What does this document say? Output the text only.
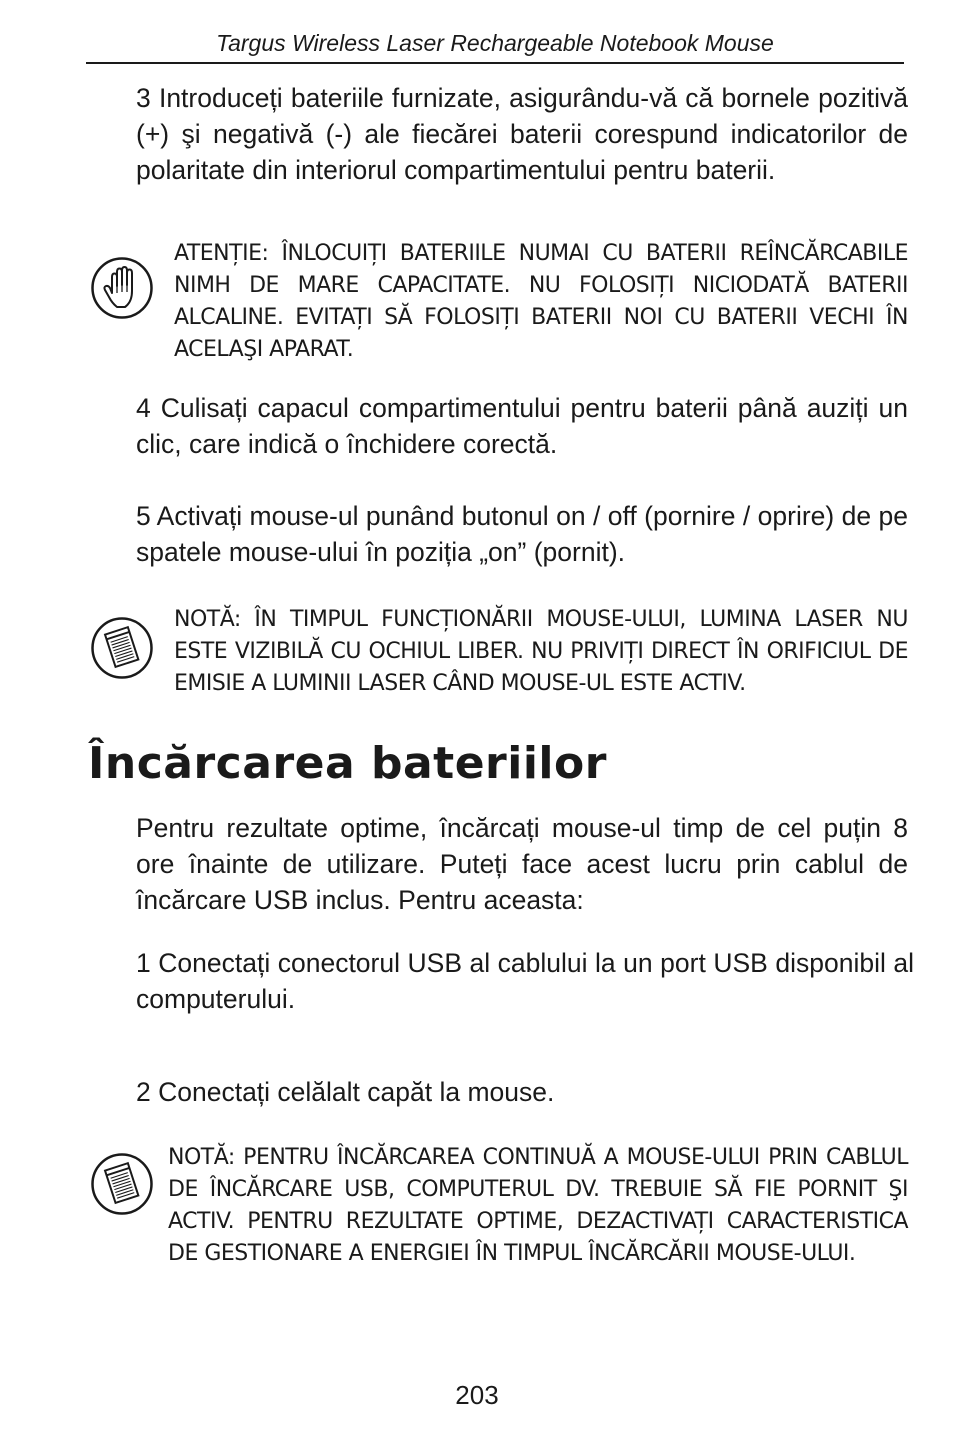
Targus Wireless Laser Rechargeable Notebook Mouse

3 Introduceți bateriile furnizate, asigurându-vă că bornele pozitivă (+) şi negativă (-) ale fiecărei baterii corespund indicatorilor de polaritate din interiorul compartimentului pentru baterii.

ATENȚIE: ÎNLOCUIȚI BATERIILE NUMAI CU BATERII REÎNCĂRCABILE NIMH DE MARE CAPACITATE. NU FOLOSIȚI NICIODATĂ BATERII ALCALINE. EVITAȚI SĂ FOLOSIȚI BATERII NOI CU BATERII VECHI ÎN ACELAŞI APARAT.

4 Culisați capacul compartimentului pentru baterii până auziți un clic, care indică o închidere corectă.

5 Activați mouse-ul punând butonul on / off (pornire / oprire) de pe spatele mouse-ului în poziția „on” (pornit).

NOTĂ: ÎN TIMPUL FUNCȚIONĂRII MOUSE-ULUI, LUMINA LASER NU ESTE VIZIBILĂ CU OCHIUL LIBER. NU PRIVIȚI DIRECT ÎN ORIFICIUL DE EMISIE A LUMINII LASER CÂND MOUSE-UL ESTE ACTIV.

Încărcarea bateriilor

Pentru rezultate optime, încărcați mouse-ul timp de cel puțin 8 ore înainte de utilizare. Puteți face acest lucru prin cablul de încărcare USB inclus. Pentru aceasta:

1 Conectați conectorul USB al cablului la un port USB disponibil al computerului.

2 Conectați celălalt capăt la mouse.

NOTĂ: PENTRU ÎNCĂRCAREA CONTINUĂ A MOUSE-ULUI PRIN CABLUL DE ÎNCĂRCARE USB, COMPUTERUL DV. TREBUIE SĂ FIE PORNIT ŞI ACTIV. PENTRU REZULTATE OPTIME, DEZACTIVAȚI CARACTERISTICA DE GESTIONARE A ENERGIEI ÎN TIMPUL ÎNCĂRCĂRII MOUSE-ULUI.

203
